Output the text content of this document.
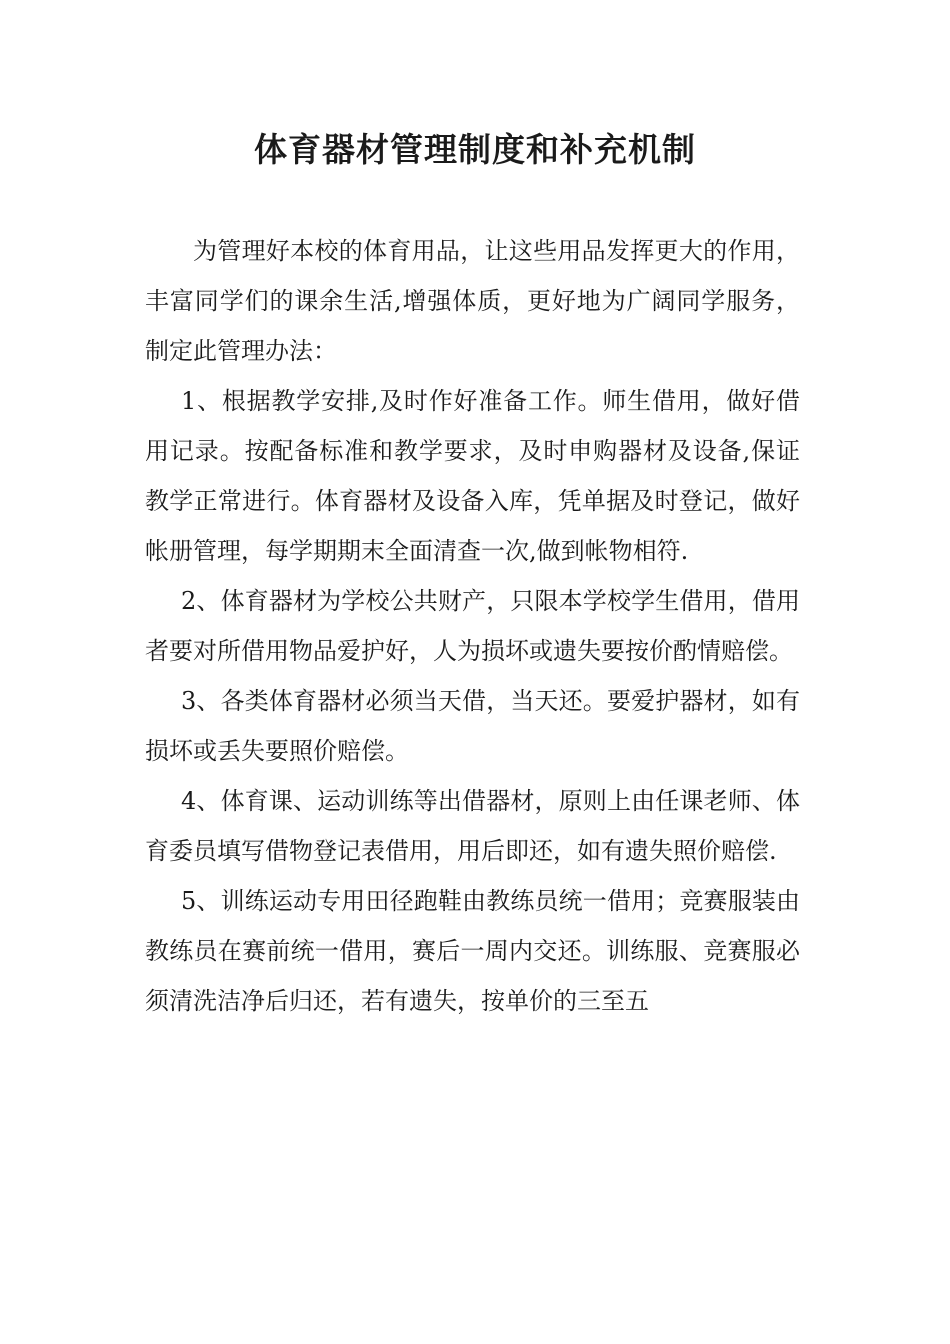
体育器材管理制度和补充机制

为管理好本校的体育用品，让这些用品发挥更大的作用，丰富同学们的课余生活,增强体质，更好地为广阔同学服务，制定此管理办法：

1、根据教学安排,及时作好准备工作。师生借用，做好借用记录。按配备标准和教学要求，及时申购器材及设备,保证教学正常进行。体育器材及设备入库，凭单据及时登记，做好帐册管理，每学期期末全面清查一次,做到帐物相符.

2、体育器材为学校公共财产，只限本学校学生借用，借用者要对所借用物品爱护好，人为损坏或遗失要按价酌情赔偿。

3、各类体育器材必须当天借，当天还。要爱护器材，如有损坏或丢失要照价赔偿。

4、体育课、运动训练等出借器材，原则上由任课老师、体育委员填写借物登记表借用，用后即还，如有遗失照价赔偿.

5、训练运动专用田径跑鞋由教练员统一借用；竞赛服装由教练员在赛前统一借用，赛后一周内交还。训练服、竞赛服必须清洗洁净后归还，若有遗失，按单价的三至五
